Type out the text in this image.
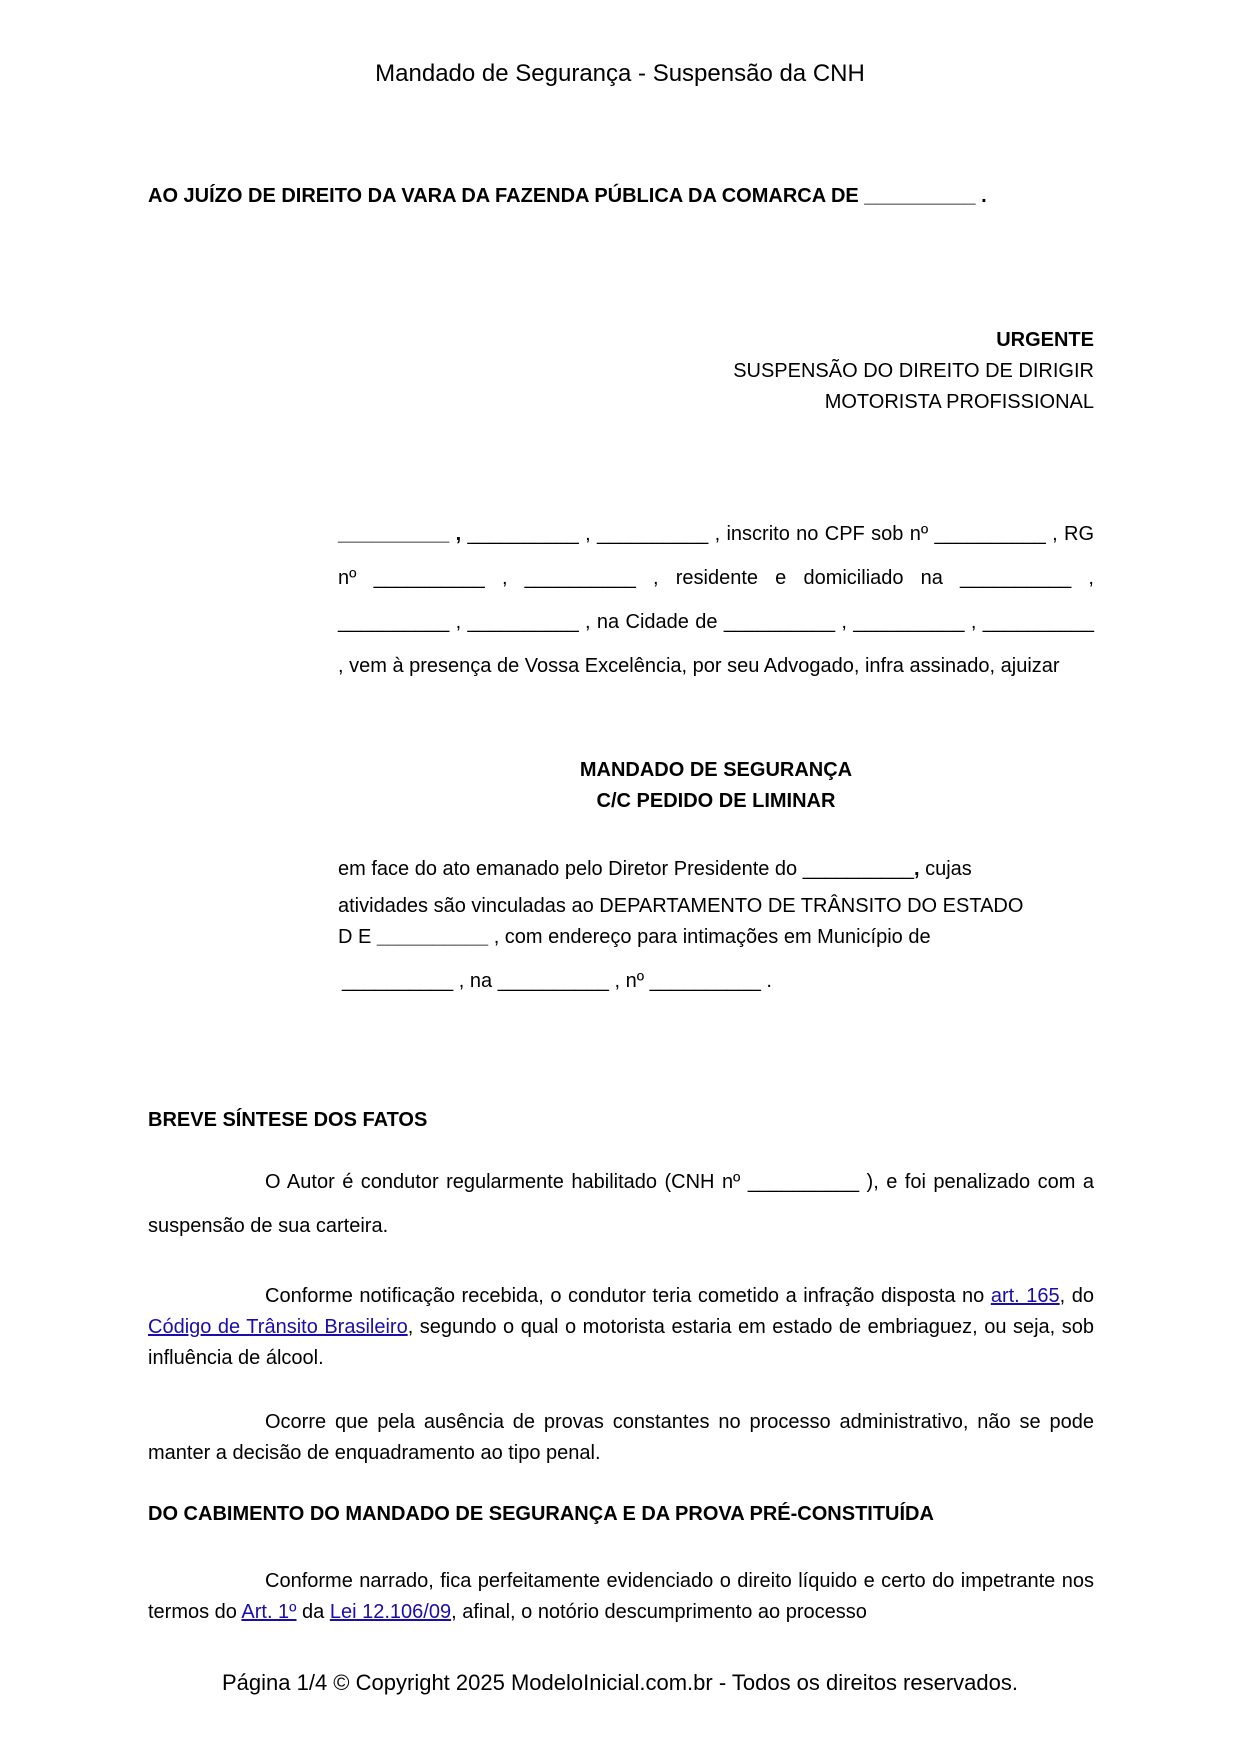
Mandado de Segurança - Suspensão da CNH
AO JUÍZO DE DIREITO DA VARA DA FAZENDA PÚBLICA DA COMARCA DE __________ .
URGENTE
SUSPENSÃO DO DIREITO DE DIRIGIR
MOTORISTA PROFISSIONAL
__________ , __________ , __________ , inscrito no CPF sob nº __________ , RG nº __________ , __________ , residente e domiciliado na __________ , __________ , __________ , na Cidade de __________ , __________ , __________ , vem à presença de Vossa Excelência, por seu Advogado, infra assinado, ajuizar
MANDADO DE SEGURANÇA
C/C PEDIDO DE LIMINAR
em face do ato emanado pelo Diretor Presidente do __________, cujas
atividades são vinculadas ao DEPARTAMENTO DE TRÂNSITO DO ESTADO
D E __________ , com endereço para intimações em Município de
__________ , na __________ , nº __________ .
BREVE SÍNTESE DOS FATOS

O Autor é condutor regularmente habilitado (CNH nº __________ ), e foi penalizado com a suspensão de sua carteira.

Conforme notificação recebida, o condutor teria cometido a infração disposta no art. 165, do Código de Trânsito Brasileiro, segundo o qual o motorista estaria em estado de embriaguez, ou seja, sob influência de álcool.

Ocorre que pela ausência de provas constantes no processo administrativo, não se pode manter a decisão de enquadramento ao tipo penal.

DO CABIMENTO DO MANDADO DE SEGURANÇA E DA PROVA PRÉ-CONSTITUÍDA

Conforme narrado, fica perfeitamente evidenciado o direito líquido e certo do impetrante nos termos do Art. 1º da Lei 12.106/09, afinal, o notório descumprimento ao processo

Página 1/4 © Copyright 2025 ModeloInicial.com.br - Todos os direitos reservados.
